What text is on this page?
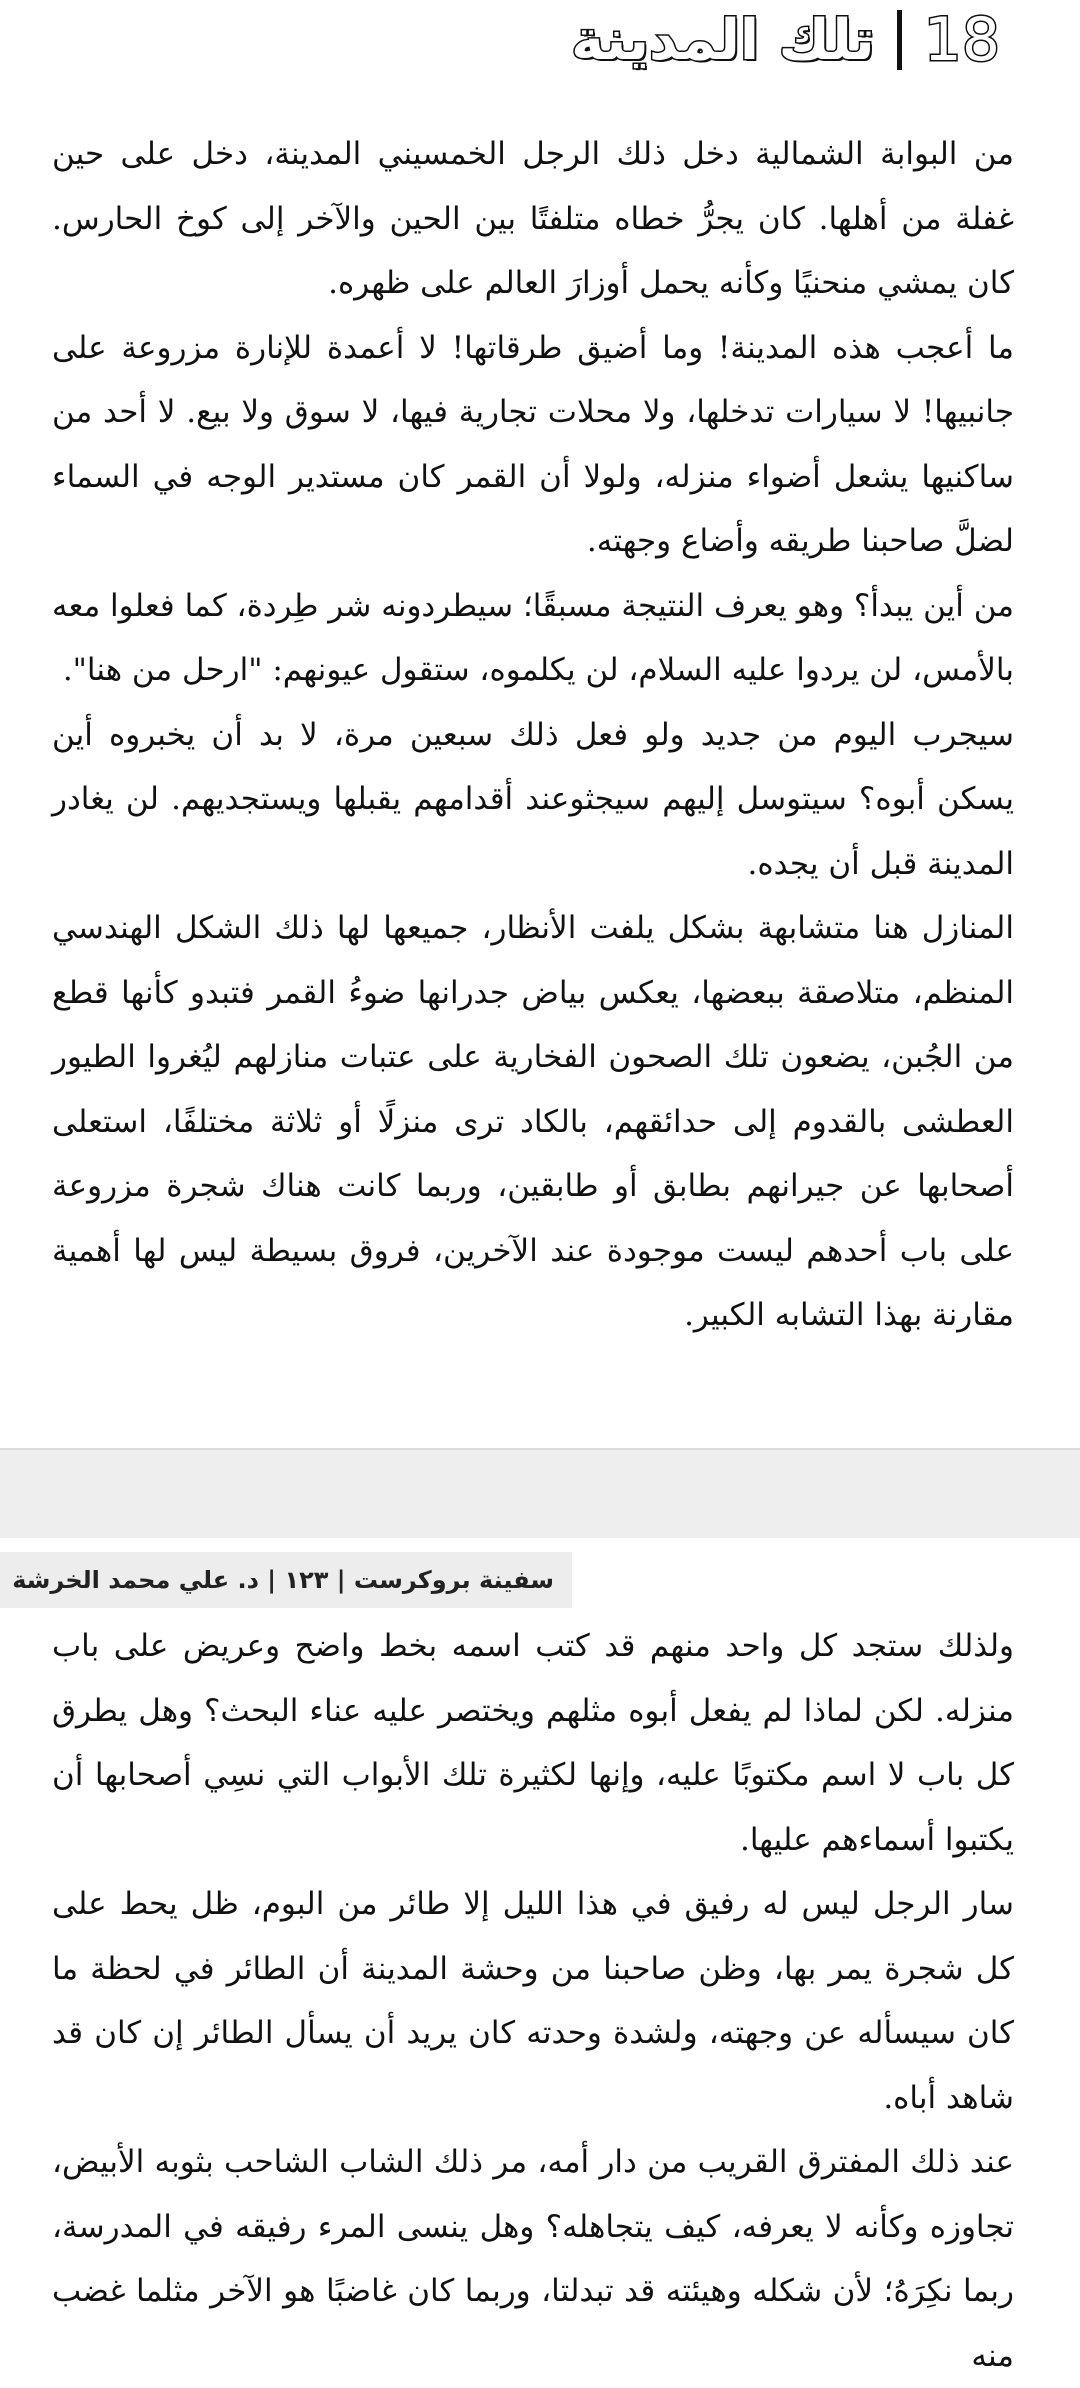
تلك المدينة 18

من البوابة الشمالية دخل ذلك الرجل الخمسيني المدينة، دخل على حين غفلة من أهلها. كان يجرُّ خطاه متلفتًا بين الحين والآخر إلى كوخ الحارس. كان يمشي منحنيًا وكأنه يحمل أوزارَ العالم على ظهره.

ما أعجب هذه المدينة! وما أضيق طرقاتها! لا أعمدة للإنارة مزروعة على جانبيها! لا سيارات تدخلها، ولا محلات تجارية فيها، لا سوق ولا بيع. لا أحد من ساكنيها يشعل أضواء منزله، ولولا أن القمر كان مستدير الوجه في السماء لضلَّ صاحبنا طريقه وأضاع وجهته.

من أين يبدأ؟ وهو يعرف النتيجة مسبقًا؛ سيطردونه شر طِردة، كما فعلوا معه بالأمس، لن يردوا عليه السلام، لن يكلموه، ستقول عيونهم: "ارحل من هنا".

سيجرب اليوم من جديد ولو فعل ذلك سبعين مرة، لا بد أن يخبروه أين يسكن أبوه؟ سيتوسل إليهم سيجثوعند أقدامهم يقبلها ويستجديهم. لن يغادر المدينة قبل أن يجده.

المنازل هنا متشابهة بشكل يلفت الأنظار، جميعها لها ذلك الشكل الهندسي المنظم، متلاصقة ببعضها، يعكس بياض جدرانها ضوءُ القمر فتبدو كأنها قطع من الجُبن، يضعون تلك الصحون الفخارية على عتبات منازلهم ليُغروا الطيور العطشى بالقدوم إلى حدائقهم، بالكاد ترى منزلًا أو ثلاثة مختلفًا، استعلى أصحابها عن جيرانهم بطابق أو طابقين، وربما كانت هناك شجرة مزروعة على باب أحدهم ليست موجودة عند الآخرين، فروق بسيطة ليس لها أهمية مقارنة بهذا التشابه الكبير.

سفينة بروكرست | ١٢٣ | د. علي محمد الخرشة

ولذلك ستجد كل واحد منهم قد كتب اسمه بخط واضح وعريض على باب منزله. لكن لماذا لم يفعل أبوه مثلهم ويختصر عليه عناء البحث؟ وهل يطرق كل باب لا اسم مكتوبًا عليه، وإنها لكثيرة تلك الأبواب التي نسِي أصحابها أن يكتبوا أسماءهم عليها.

سار الرجل ليس له رفيق في هذا الليل إلا طائر من البوم، ظل يحط على كل شجرة يمر بها، وظن صاحبنا من وحشة المدينة أن الطائر في لحظة ما كان سيسأله عن وجهته، ولشدة وحدته كان يريد أن يسأل الطائر إن كان قد شاهد أباه.

عند ذلك المفترق القريب من دار أمه، مر ذلك الشاب الشاحب بثوبه الأبيض، تجاوزه وكأنه لا يعرفه، كيف يتجاهله؟ وهل ينسى المرء رفيقه في المدرسة، ربما نكِرَهُ؛ لأن شكله وهيئته قد تبدلتا، وربما كان غاضبًا هو الآخر مثلما غضب منه
